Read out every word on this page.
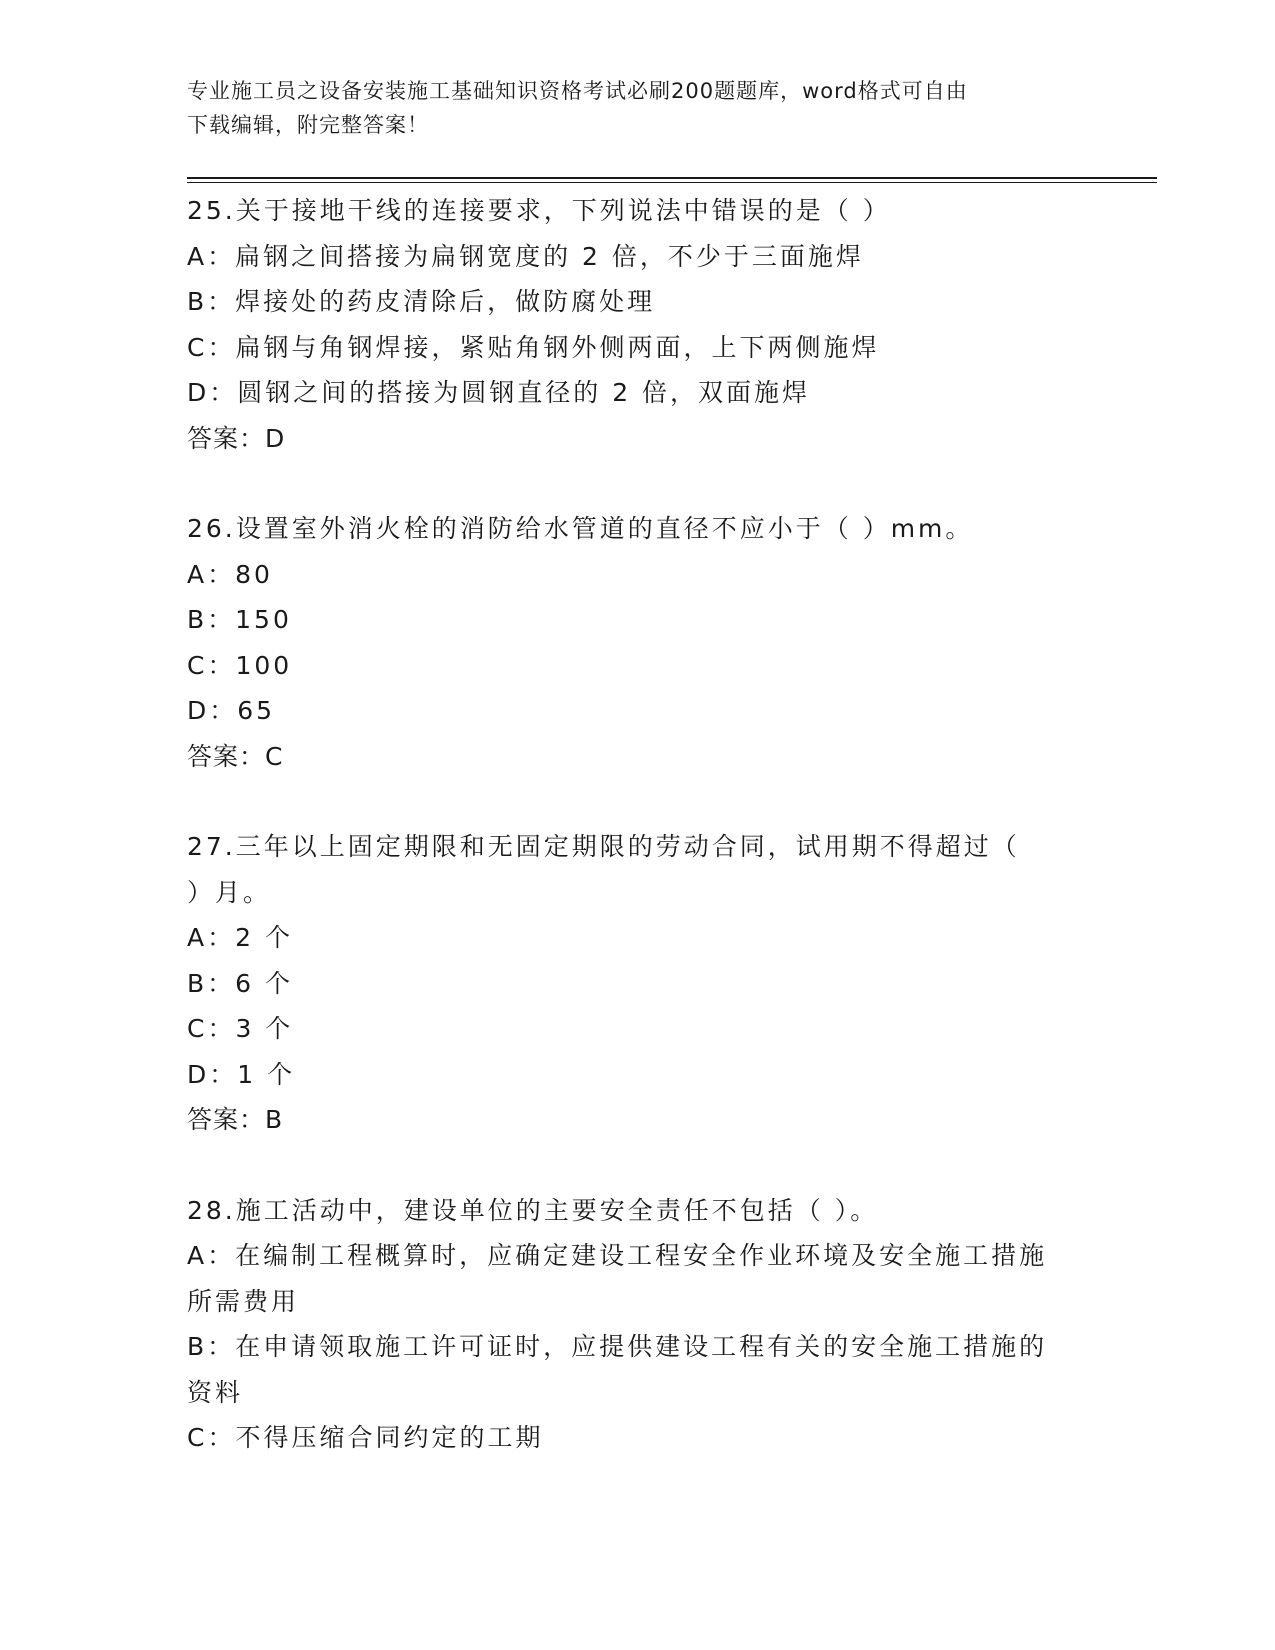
专业施工员之设备安装施工基础知识资格考试必刷200题题库，word格式可自由
下载编辑，附完整答案！

25.关于接地干线的连接要求，下列说法中错误的是（ ）

A：扁钢之间搭接为扁钢宽度的 2 倍，不少于三面施焊

B：焊接处的药皮清除后，做防腐处理

C：扁钢与角钢焊接，紧贴角钢外侧两面，上下两侧施焊

D：圆钢之间的搭接为圆钢直径的 2 倍，双面施焊

答案：D

26.设置室外消火栓的消防给水管道的直径不应小于（ ）mm。

A：80

B：150

C：100

D：65

答案：C

27.三年以上固定期限和无固定期限的劳动合同，试用期不得超过（

）月。

A：2 个

B：6 个

C：3 个

D：1 个

答案：B

28.施工活动中，建设单位的主要安全责任不包括（ ）。

A：在编制工程概算时，应确定建设工程安全作业环境及安全施工措施

所需费用

B：在申请领取施工许可证时，应提供建设工程有关的安全施工措施的

资料

C：不得压缩合同约定的工期
